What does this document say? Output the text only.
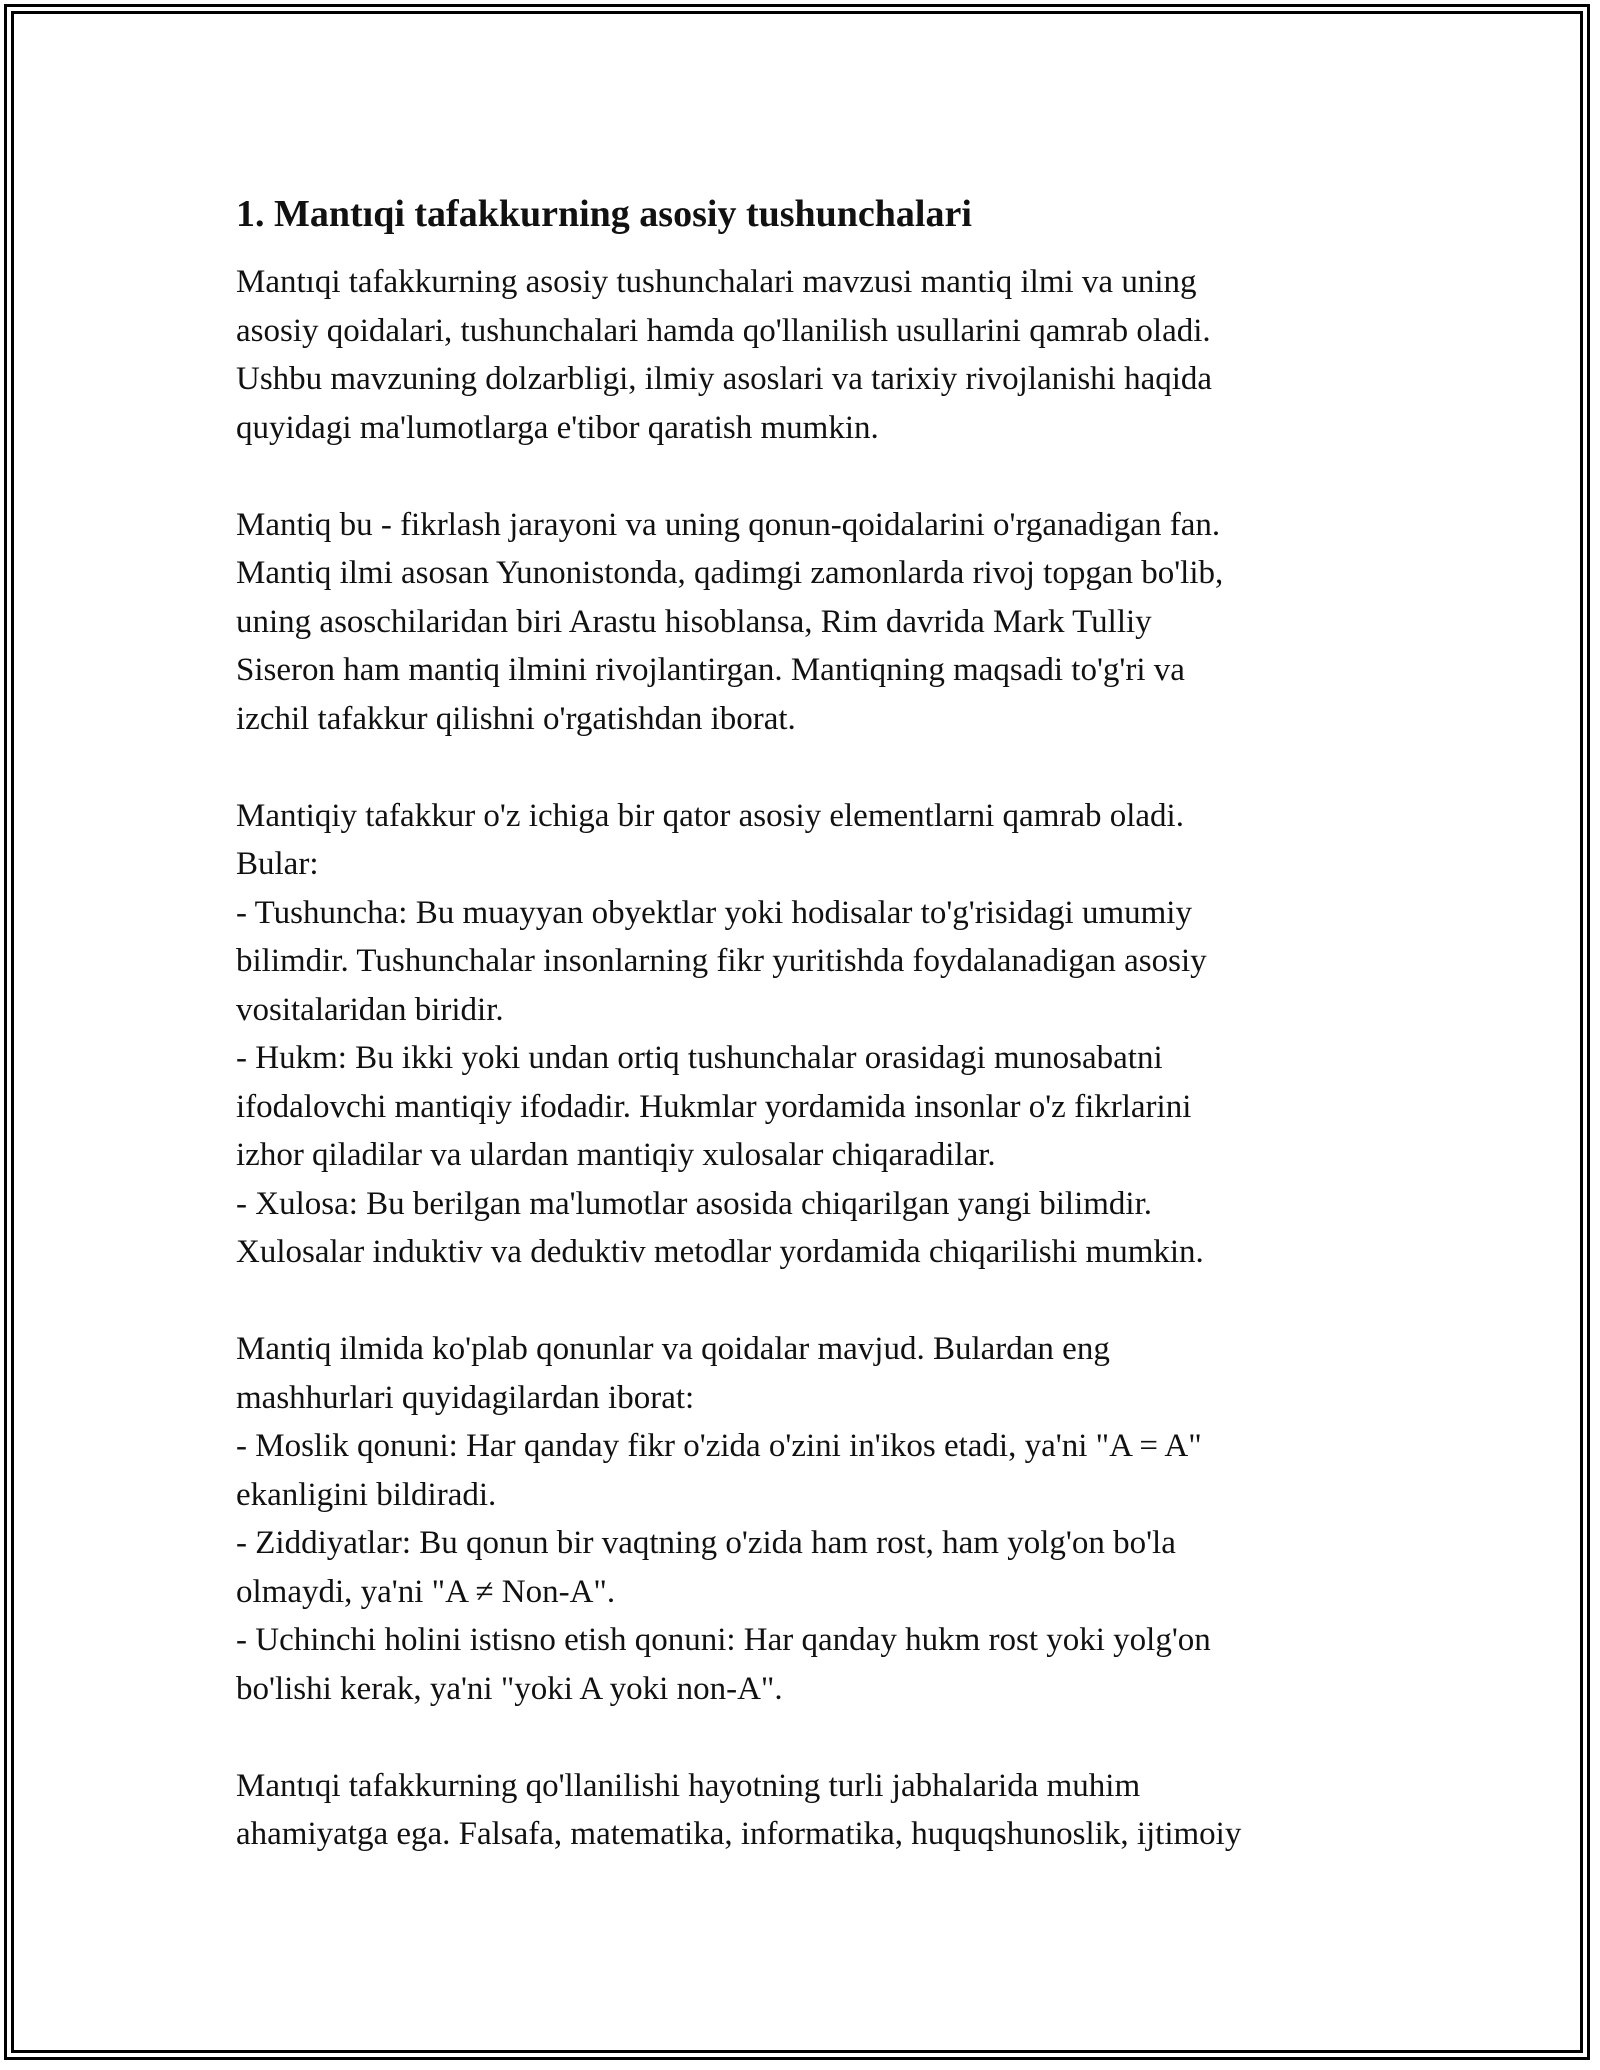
1. Mantıqi tafakkurning asosiy tushunchalari
Mantıqi tafakkurning asosiy tushunchalari mavzusi mantiq ilmi va uning
asosiy qoidalari, tushunchalari hamda qo'llanilish usullarini qamrab oladi.
Ushbu mavzuning dolzarbligi, ilmiy asoslari va tarixiy rivojlanishi haqida
quyidagi ma'lumotlarga e'tibor qaratish mumkin.
Mantiq bu - fikrlash jarayoni va uning qonun-qoidalarini o'rganadigan fan.
Mantiq ilmi asosan Yunonistonda, qadimgi zamonlarda rivoj topgan bo'lib,
uning asoschilaridan biri Arastu hisoblansa, Rim davrida Mark Tulliy
Siseron ham mantiq ilmini rivojlantirgan. Mantiqning maqsadi to'g'ri va
izchil tafakkur qilishni o'rgatishdan iborat.
Mantiqiy tafakkur o'z ichiga bir qator asosiy elementlarni qamrab oladi.
Bular:
- Tushuncha: Bu muayyan obyektlar yoki hodisalar to'g'risidagi umumiy
bilimdir. Tushunchalar insonlarning fikr yuritishda foydalanadigan asosiy
vositalaridan biridir.
- Hukm: Bu ikki yoki undan ortiq tushunchalar orasidagi munosabatni
ifodalovchi mantiqiy ifodadir. Hukmlar yordamida insonlar o'z fikrlarini
izhor qiladilar va ulardan mantiqiy xulosalar chiqaradilar.
- Xulosa: Bu berilgan ma'lumotlar asosida chiqarilgan yangi bilimdir.
Xulosalar induktiv va deduktiv metodlar yordamida chiqarilishi mumkin.
Mantiq ilmida ko'plab qonunlar va qoidalar mavjud. Bulardan eng
mashhurlari quyidagilardan iborat:
- Moslik qonuni: Har qanday fikr o'zida o'zini in'ikos etadi, ya'ni "A = A"
ekanligini bildiradi.
- Ziddiyatlar: Bu qonun bir vaqtning o'zida ham rost, ham yolg'on bo'la
olmaydi, ya'ni "A ≠ Non-A".
- Uchinchi holini istisno etish qonuni: Har qanday hukm rost yoki yolg'on
bo'lishi kerak, ya'ni "yoki A yoki non-A".
Mantıqi tafakkurning qo'llanilishi hayotning turli jabhalarida muhim
ahamiyatga ega. Falsafa, matematika, informatika, huquqshunoslik, ijtimoiy
